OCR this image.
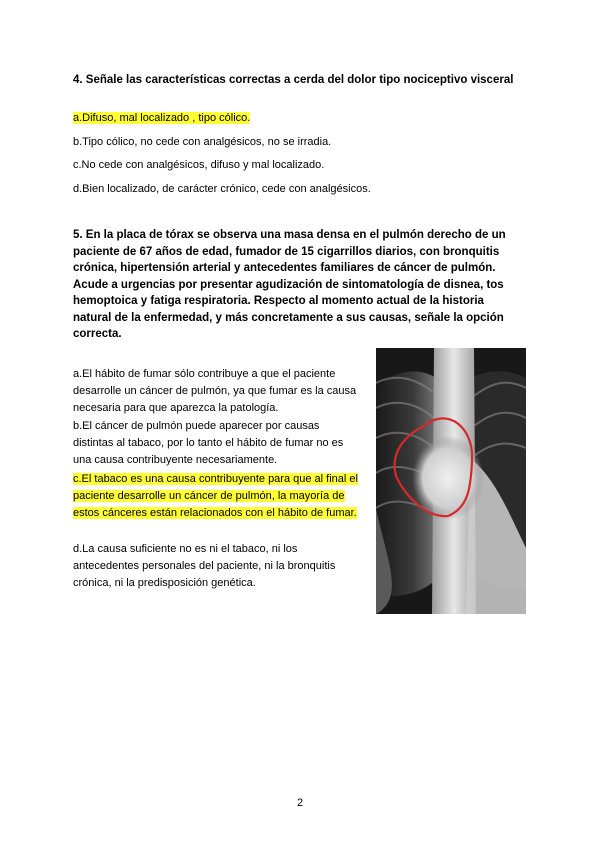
4. Señale las características correctas a cerda del dolor tipo nociceptivo visceral
a.Difuso, mal localizado , tipo cólico.
b.Tipo cólico, no cede con analgésicos, no se irradia.
c.No cede con analgésicos, difuso y mal localizado.
d.Bien localizado, de carácter crónico, cede con analgésicos.
5. En la placa de tórax se observa una masa densa en el pulmón derecho de un paciente de 67 años de edad, fumador de 15 cigarrillos diarios, con bronquitis crónica, hipertensión arterial y antecedentes familiares de cáncer de pulmón. Acude a urgencias por presentar agudización de sintomatología de disnea, tos hemoptoica y fatiga respiratoria. Respecto al momento actual de la historia natural de la enfermedad, y más concretamente a sus causas, señale la opción correcta.
a.El hábito de fumar sólo contribuye a que el paciente desarrolle un cáncer de pulmón, ya que fumar es la causa necesaria para que aparezca la patología.
b.El cáncer de pulmón puede aparecer por causas distintas al tabaco, por lo tanto el hábito de fumar no es una causa contribuyente necesariamente.
c.El tabaco es una causa contribuyente para que al final el paciente desarrolle un cáncer de pulmón, la mayoría de estos cánceres están relacionados con el hábito de fumar.
d.La causa suficiente no es ni el tabaco, ni los antecedentes personales del paciente, ni la bronquitis crónica, ni la predisposición genética.
2
